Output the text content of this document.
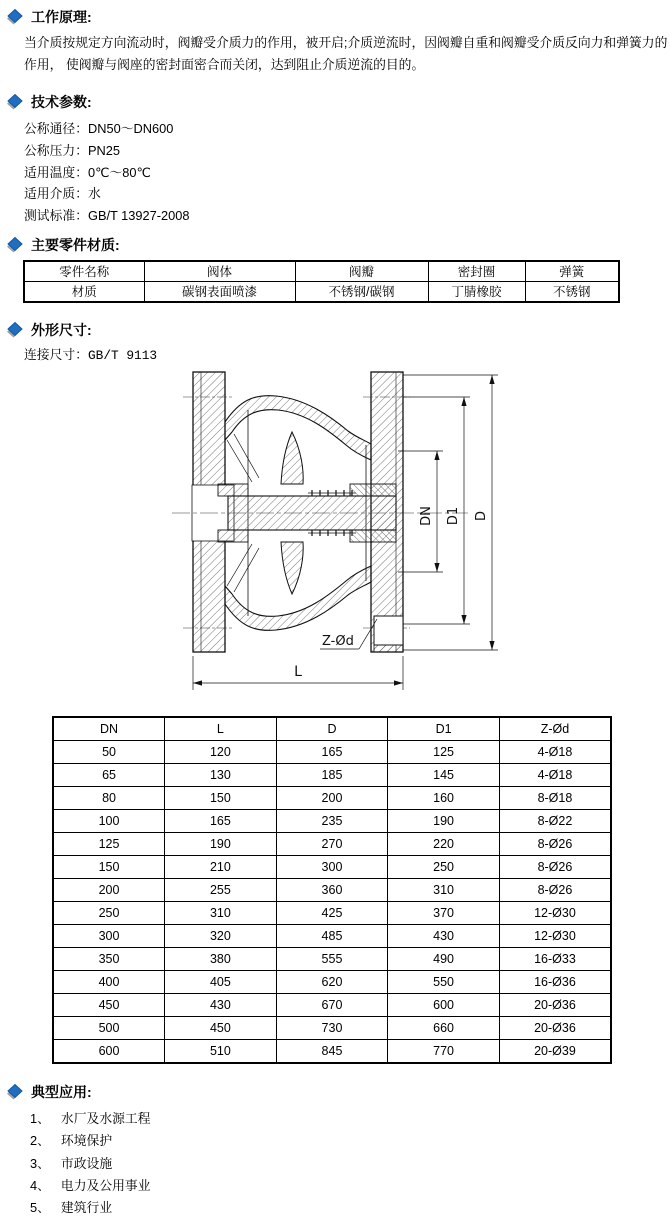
工作原理:
当介质按规定方向流动时，阀瓣受介质力的作用，被开启;介质逆流时，因阀瓣自重和阀瓣受介质反向力和弹簧力的
作用， 使阀瓣与阀座的密封面密合而关闭，达到阻止介质逆流的目的。
技术参数:
公称通径：DN50～DN600
公称压力：PN25
适用温度：0℃～80℃
适用介质：水
测试标准：GB/T 13927-2008
主要零件材质:
零件名称	阀体	阀瓣	密封圈	弹簧
材质	碳钢表面喷漆	不锈钢/碳钢	丁腈橡胶	不锈钢
外形尺寸:
连接尺寸：GB/T 9113
DN D1 D
L
Z-Ød
DN	L	D	D1	Z-Ød
50	120	165	125	4-Ø18
65	130	185	145	4-Ø18
80	150	200	160	8-Ø18
100	165	235	190	8-Ø22
125	190	270	220	8-Ø26
150	210	300	250	8-Ø26
200	255	360	310	8-Ø26
250	310	425	370	12-Ø30
300	320	485	430	12-Ø30
350	380	555	490	16-Ø33
400	405	620	550	16-Ø36
450	430	670	600	20-Ø36
500	450	730	660	20-Ø36
600	510	845	770	20-Ø39
典型应用:
1、 水厂及水源工程
2、 环境保护
3、 市政设施
4、 电力及公用事业
5、 建筑行业
